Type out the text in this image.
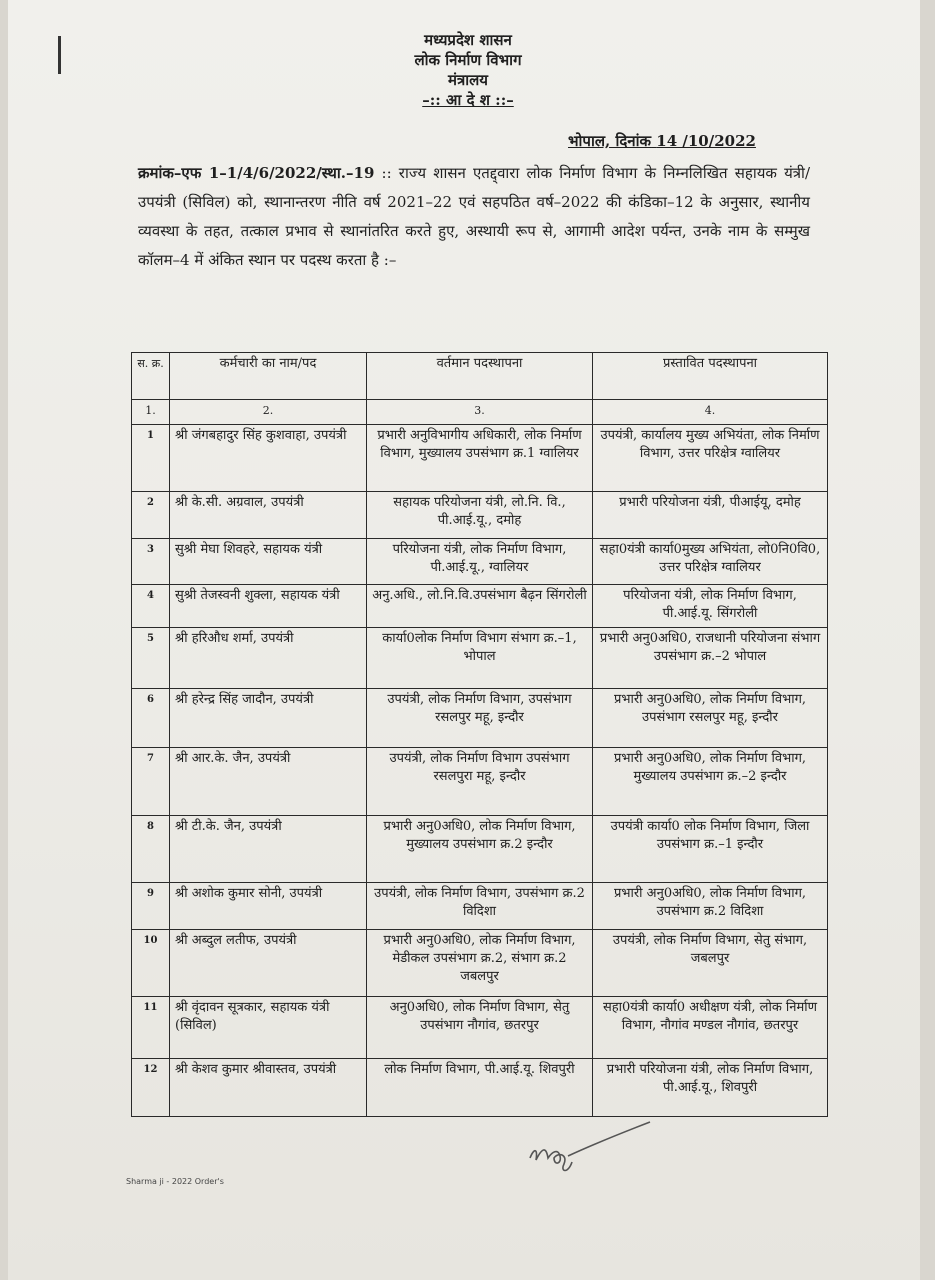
मध्यप्रदेश शासन
लोक निर्माण विभाग
मंत्रालय
–:: आ दे श ::–
भोपाल, दिनांक 14 /10/2022
क्रमांक–एफ 1–1/4/6/2022/स्था.–19 :: राज्य शासन एतद्द्वारा लोक निर्माण विभाग के निम्नलिखित सहायक यंत्री/उपयंत्री (सिविल) को, स्थानान्तरण नीति वर्ष 2021–22 एवं सहपठित वर्ष–2022 की कंडिका–12 के अनुसार, स्थानीय व्यवस्था के तहत, तत्काल प्रभाव से स्थानांतरित करते हुए, अस्थायी रूप से, आगामी आदेश पर्यन्त, उनके नाम के सम्मुख कॉलम–4 में अंकित स्थान पर पदस्थ करता है :–
स. क्र.	कर्मचारी का नाम/पद	वर्तमान पदस्थापना	प्रस्तावित पदस्थापना
1.	2.	3.	4.
1	श्री जंगबहादुर सिंह कुशवाहा, उपयंत्री	प्रभारी अनुविभागीय अधिकारी, लोक निर्माण विभाग, मुख्यालय उपसंभाग क्र.1 ग्वालियर	उपयंत्री, कार्यालय मुख्य अभियंता, लोक निर्माण विभाग, उत्तर परिक्षेत्र ग्वालियर
2	श्री के.सी. अग्रवाल, उपयंत्री	सहायक परियोजना यंत्री, लो.नि. वि., पी.आई.यू., दमोह	प्रभारी परियोजना यंत्री, पीआईयू, दमोह
3	सुश्री मेघा शिवहरे, सहायक यंत्री	परियोजना यंत्री, लोक निर्माण विभाग, पी.आई.यू., ग्वालियर	सहा0यंत्री कार्या0मुख्य अभियंता, लो0नि0वि0, उत्तर परिक्षेत्र ग्वालियर
4	सुश्री तेजस्वनी शुक्ला, सहायक यंत्री	अनु.अधि., लो.नि.वि.उपसंभाग बैढ़न सिंगरोली	परियोजना यंत्री, लोक निर्माण विभाग, पी.आई.यू. सिंगरोली
5	श्री हरिऔध शर्मा, उपयंत्री	कार्या0लोक निर्माण विभाग संभाग क्र.–1, भोपाल	प्रभारी अनु0अधि0, राजधानी परियोजना संभाग उपसंभाग क्र.–2 भोपाल
6	श्री हरेन्द्र सिंह जादौन, उपयंत्री	उपयंत्री, लोक निर्माण विभाग, उपसंभाग रसलपुर महू, इन्दौर	प्रभारी अनु0अधि0, लोक निर्माण विभाग, उपसंभाग रसलपुर महू, इन्दौर
7	श्री आर.के. जैन, उपयंत्री	उपयंत्री, लोक निर्माण विभाग उपसंभाग रसलपुरा महू, इन्दौर	प्रभारी अनु0अधि0, लोक निर्माण विभाग, मुख्यालय उपसंभाग क्र.–2 इन्दौर
8	श्री टी.के. जैन, उपयंत्री	प्रभारी अनु0अधि0, लोक निर्माण विभाग, मुख्यालय उपसंभाग क्र.2 इन्दौर	उपयंत्री कार्या0 लोक निर्माण विभाग, जिला उपसंभाग क्र.–1 इन्दौर
9	श्री अशोक कुमार सोनी, उपयंत्री	उपयंत्री, लोक निर्माण विभाग, उपसंभाग क्र.2 विदिशा	प्रभारी अनु0अधि0, लोक निर्माण विभाग, उपसंभाग क्र.2 विदिशा
10	श्री अब्दुल लतीफ, उपयंत्री	प्रभारी अनु0अधि0, लोक निर्माण विभाग, मेडीकल उपसंभाग क्र.2, संभाग क्र.2 जबलपुर	उपयंत्री, लोक निर्माण विभाग, सेतु संभाग, जबलपुर
11	श्री वृंदावन सूत्रकार, सहायक यंत्री (सिविल)	अनु0अधि0, लोक निर्माण विभाग, सेतु उपसंभाग नौगांव, छतरपुर	सहा0यंत्री कार्या0 अधीक्षण यंत्री, लोक निर्माण विभाग, नौगांव मण्डल नौगांव, छतरपुर
12	श्री केशव कुमार श्रीवास्तव, उपयंत्री	लोक निर्माण विभाग, पी.आई.यू. शिवपुरी	प्रभारी परियोजना यंत्री, लोक निर्माण विभाग, पी.आई.यू., शिवपुरी
Sharma ji - 2022 Order's
